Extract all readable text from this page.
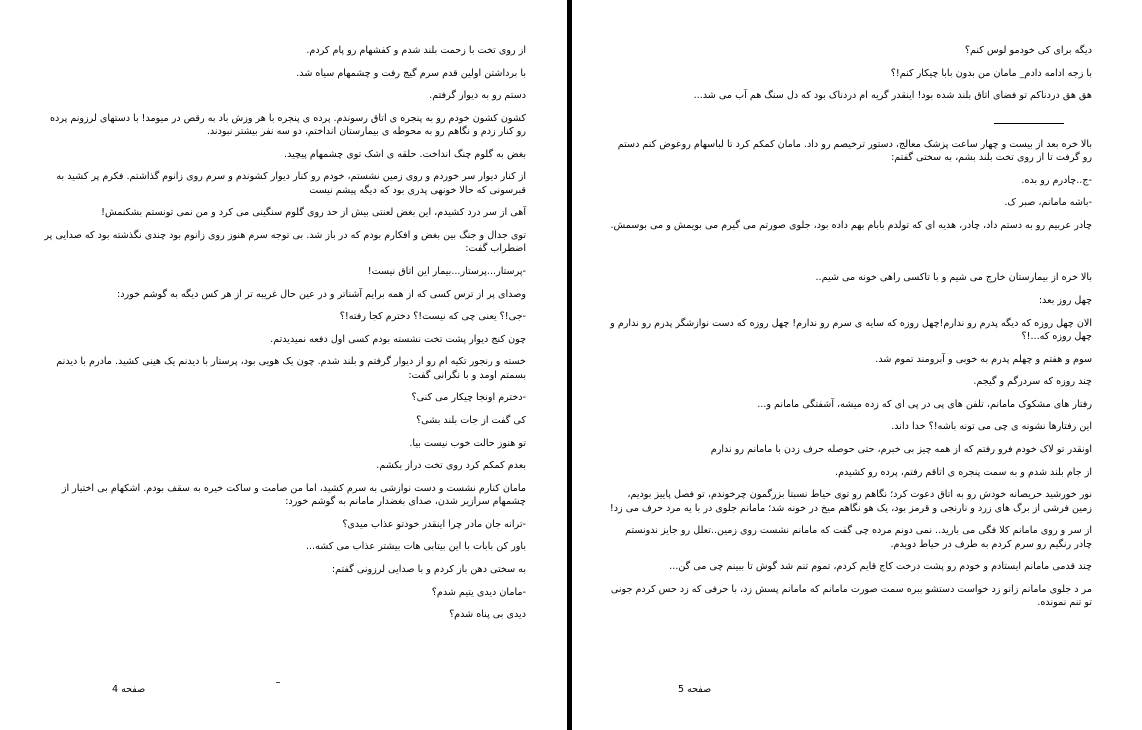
از روی تخت با زحمت بلند شدم و کفشهام رو پام کردم.

با برداشتن اولین قدم سرم گیج رفت و چشمهام سیاه شد.

دستم رو به دیوار گرفتم.

کشون کشون خودم رو به پنجره ی اتاق رسوندم. پرده ی پنجره با هر وزش باد به رقص در میومد! با دستهای لرزونم پرده رو کنار زدم و نگاهم رو به محوطه ی بیمارستان انداختم، دو سه نفر بیشتر نبودند.

بغض به گلوم چنگ انداخت. حلقه ی اشک توی چشمهام پیچید.

از کنار دیوار سر خوردم و روی زمین نشستم، خودم رو کنار دیوار کشوندم و سرم روی زانوم گذاشتم. فکرم پر کشید به قبرسونی که حالا خونهی پدری بود که دیگه پیشم نیست

آهی از سر درد کشیدم، این بغض لعنتی بیش از حد روی گلوم سنگینی می کرد و من نمی تونستم بشکنمش!

توی جدال و جنگ بین بغض و افکارم بودم که در باز شد. بی توجه سرم هنوز روی زانوم بود چندی نگذشته بود که صدایی پر اضطراب گفت:

-پرستار...پرستار...بیمار این اتاق نیست!

وصدای پر از ترس کسی که از همه برایم آشناتر و در عین حال غریبه تر از هر کس دیگه به گوشم خورد:

-جی!؟ یعنی چی که نیست!؟ دخترم کجا رفته!؟

چون کنج دیوار پشت تخت نشسته بودم کسی اول دفعه نمیدیدتم.

خسته و رنجور تکیه ام رو از دیوار گرفتم و بلند شدم. چون یک هویی بود، پرستار با دیدنم یک هینی کشید. مادرم با دیدنم بسمتم اومد و با نگرانی گفت:

-دخترم اونجا چیکار می کنی؟

کی گفت از جات بلند بشی؟

تو هنوز حالت خوب نیست بیا.

بعدم کمکم کرد روی تخت دراز بکشم.

مامان کنارم نشست و دست نوازشی به سرم کشید، اما من صامت و ساکت خیره به سقف بودم. اشکهام بی اختیار از چشمهام سرازیر شدن، صدای بغضدار مامانم به گوشم خورد:

-ترانه جان مادر چرا اینقدر خودتو عذاب میدی؟

باور کن بابات با این بیتابی هات بیشتر عذاب می کشه...

به سختی دهن باز کردم و با صدایی لرزونی گفتم:

-مامان دیدی یتیم شدم؟

دیدی بی پناه شدم؟

صفحه 4

دیگه برای کی خودمو لوس کنم؟

با زجه ادامه دادم_ مامان من بدون بابا چیکار کنم!؟

هق هق دردناکم تو فضای اتاق بلند شده بود! اینقدر گریه ام دردناک بود که دل سنگ هم آب می شد...

بالا خره بعد از بیست و چهار ساعت پزشک معالج، دستور ترخیصم رو داد. مامان کمکم کرد تا لباسهام روعوض کنم دستم رو گرفت تا از روی تخت بلند بشم، به سختی گفتم:

-ج..چادرم رو بده.

-باشه مامانم، صبر ک.

چادر عربیم رو به دستم داد، چادر، هدیه ای که تولدم بابام بهم داده بود، جلوی صورتم می گیرم می بویمش و می بوسمش.

بالا خره از بیمارستان خارج می شیم و با تاکسی راهی خونه می شیم..

چهل روز بعد:

الان چهل روزه که دیگه پدرم رو ندارم!چهل روزه که سایه ی سرم رو ندارم! چهل روزه که دست نوازشگر پدرم رو ندارم و چهل روزه که...!؟

سوم و هفتم و چهلم پدرم به خوبی و آبرومند تموم شد.

چند روزه که سردرگم و گیجم.

رفتار های مشکوک مامانم، تلفن های پی در پی ای که زده میشه، آشفتگی مامانم و...

این رفتارها نشونه ی چی می تونه باشه!؟ خدا داند.

اونقدر تو لاک خودم فرو رفتم که از همه چیز بی خبرم، حتی حوصله حرف زدن با مامانم رو ندارم

از جام بلند شدم و به سمت پنجره ی اتاقم رفتم، پرده رو کشیدم.

نور خورشید حریصانه خودش رو به اتاق دعوت کرد؛ نگاهم رو توی حیاط نسبتا بزرگمون چرخوندم، تو فصل پاییز بودیم، زمین فرشی از برگ های زرد و نارنجی و قرمز بود، یک هو نگاهم میخ در خونه شد؛ مامانم جلوی در با یه مرد حرف می زد!

از سر و روی مامانم کلا فگی می بارید.. نمی دونم مرده چی گفت که مامانم نشست روی زمین..تعلل رو جایز ندونستم چادر رنگیم رو سرم کردم به طرف در حیاط دویدم.

چند قدمی مامانم ایستادم و خودم رو پشت درخت کاج قایم کردم، تموم تنم شد گوش تا ببینم چی می گن...

مر د جلوی مامانم زانو زد خواست دستشو ببره سمت صورت مامانم که مامانم پسش زد، با حرفی که زد حس کردم جونی تو تنم نمونده.

صفحه 5
